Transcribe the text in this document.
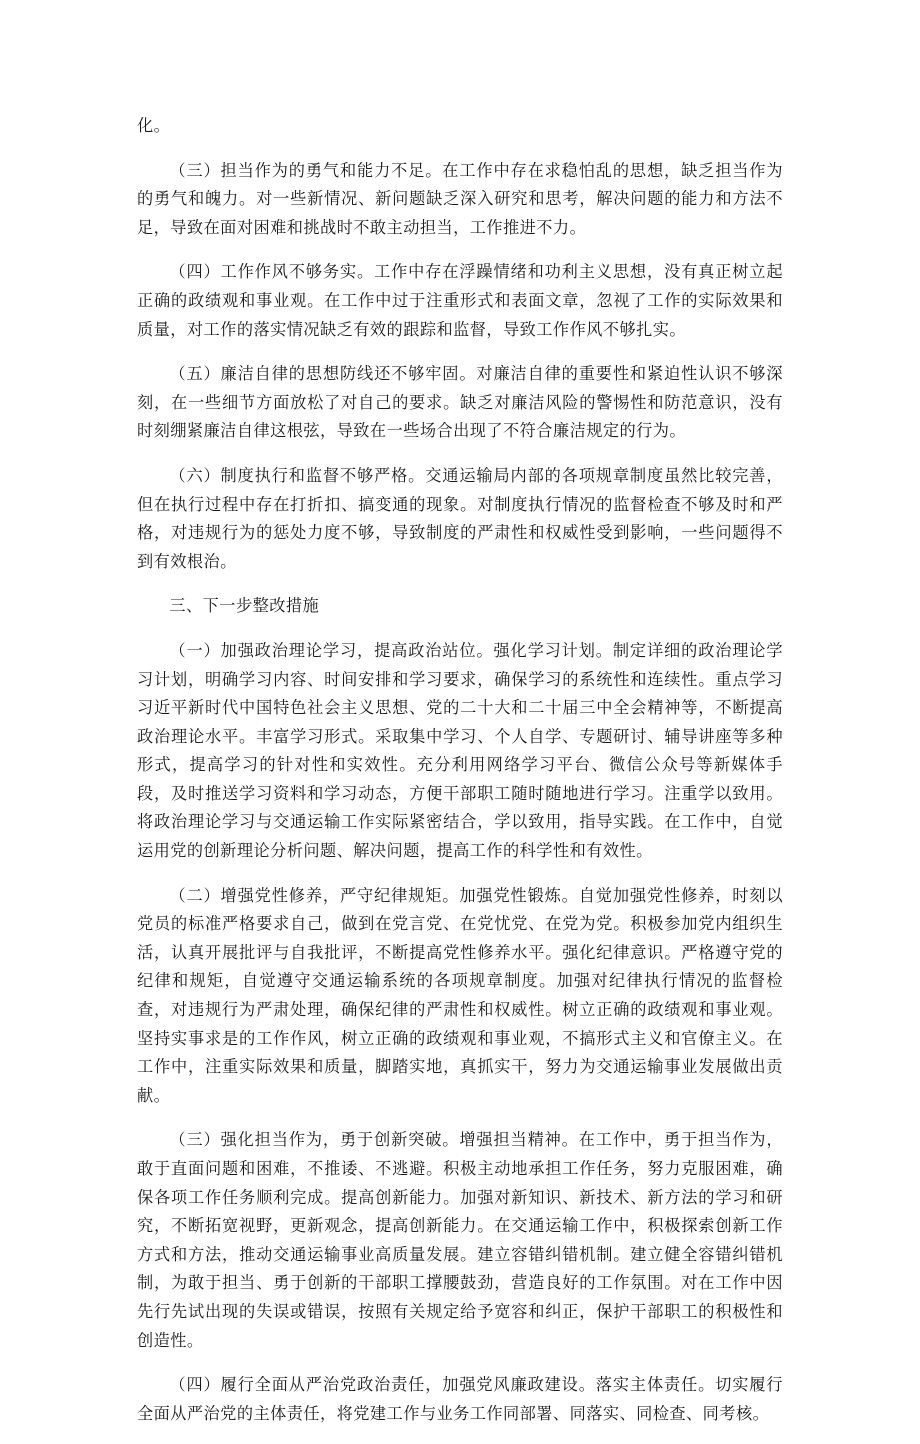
化。

（三）担当作为的勇气和能力不足。在工作中存在求稳怕乱的思想，缺乏担当作为的勇气和魄力。对一些新情况、新问题缺乏深入研究和思考，解决问题的能力和方法不足，导致在面对困难和挑战时不敢主动担当，工作推进不力。

（四）工作作风不够务实。工作中存在浮躁情绪和功利主义思想，没有真正树立起正确的政绩观和事业观。在工作中过于注重形式和表面文章，忽视了工作的实际效果和质量，对工作的落实情况缺乏有效的跟踪和监督，导致工作作风不够扎实。

（五）廉洁自律的思想防线还不够牢固。对廉洁自律的重要性和紧迫性认识不够深刻，在一些细节方面放松了对自己的要求。缺乏对廉洁风险的警惕性和防范意识，没有时刻绷紧廉洁自律这根弦，导致在一些场合出现了不符合廉洁规定的行为。

（六）制度执行和监督不够严格。交通运输局内部的各项规章制度虽然比较完善，但在执行过程中存在打折扣、搞变通的现象。对制度执行情况的监督检查不够及时和严格，对违规行为的惩处力度不够，导致制度的严肃性和权威性受到影响，一些问题得不到有效根治。

三、下一步整改措施

（一）加强政治理论学习，提高政治站位。强化学习计划。制定详细的政治理论学习计划，明确学习内容、时间安排和学习要求，确保学习的系统性和连续性。重点学习习近平新时代中国特色社会主义思想、党的二十大和二十届三中全会精神等，不断提高政治理论水平。丰富学习形式。采取集中学习、个人自学、专题研讨、辅导讲座等多种形式，提高学习的针对性和实效性。充分利用网络学习平台、微信公众号等新媒体手段，及时推送学习资料和学习动态，方便干部职工随时随地进行学习。注重学以致用。将政治理论学习与交通运输工作实际紧密结合，学以致用，指导实践。在工作中，自觉运用党的创新理论分析问题、解决问题，提高工作的科学性和有效性。

（二）增强党性修养，严守纪律规矩。加强党性锻炼。自觉加强党性修养，时刻以党员的标准严格要求自己，做到在党言党、在党忧党、在党为党。积极参加党内组织生活，认真开展批评与自我批评，不断提高党性修养水平。强化纪律意识。严格遵守党的纪律和规矩，自觉遵守交通运输系统的各项规章制度。加强对纪律执行情况的监督检查，对违规行为严肃处理，确保纪律的严肃性和权威性。树立正确的政绩观和事业观。坚持实事求是的工作作风，树立正确的政绩观和事业观，不搞形式主义和官僚主义。在工作中，注重实际效果和质量，脚踏实地，真抓实干，努力为交通运输事业发展做出贡献。

（三）强化担当作为，勇于创新突破。增强担当精神。在工作中，勇于担当作为，敢于直面问题和困难，不推诿、不逃避。积极主动地承担工作任务，努力克服困难，确保各项工作任务顺利完成。提高创新能力。加强对新知识、新技术、新方法的学习和研究，不断拓宽视野，更新观念，提高创新能力。在交通运输工作中，积极探索创新工作方式和方法，推动交通运输事业高质量发展。建立容错纠错机制。建立健全容错纠错机制，为敢于担当、勇于创新的干部职工撑腰鼓劲，营造良好的工作氛围。对在工作中因先行先试出现的失误或错误，按照有关规定给予宽容和纠正，保护干部职工的积极性和创造性。

（四）履行全面从严治党政治责任，加强党风廉政建设。落实主体责任。切实履行全面从严治党的主体责任，将党建工作与业务工作同部署、同落实、同检查、同考核。
